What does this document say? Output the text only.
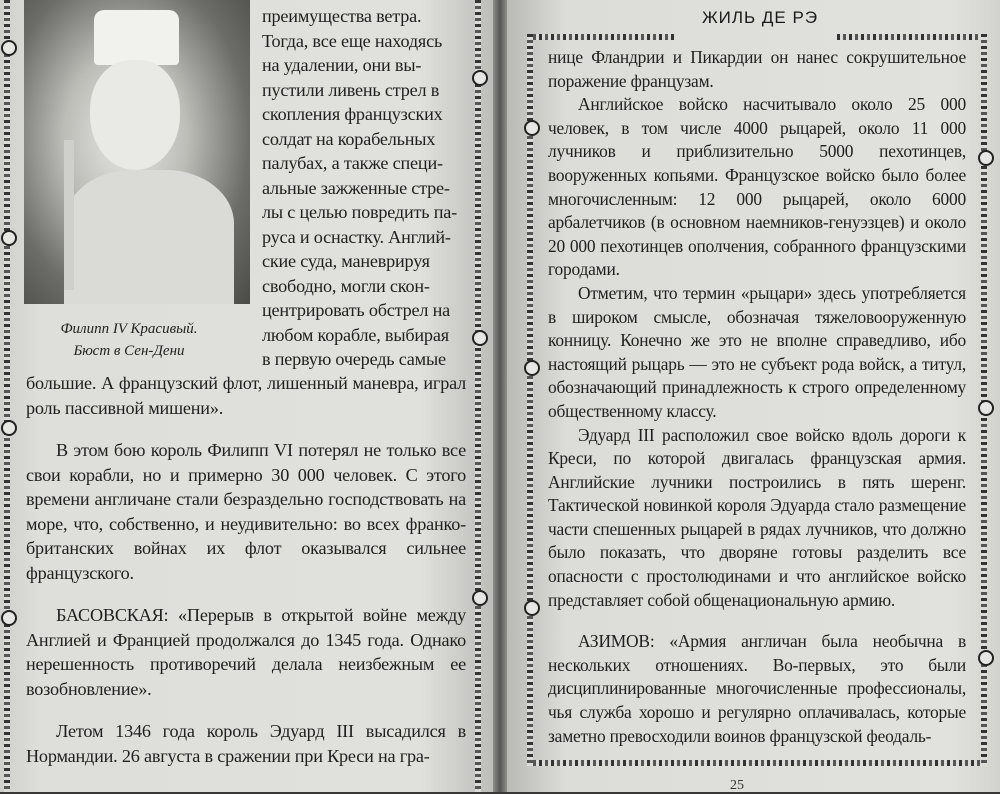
Филипп IV Красивый.
Бюст в Сен-Дени

преимущества ветра.

Тогда, все еще находясь

на удалении, они вы-

пустили ливень стрел в

скопления французских

солдат на корабельных

палубах, а также специ-

альные зажженные стре-

лы с целью повредить па-

руса и оснастку. Англий-

ские суда, маневрируя

свободно, могли скон-

центрировать обстрел на

любом корабле, выбирая

в первую очередь самые

большие. А французский флот, лишенный маневра, играл роль пассивной мишени».

В этом бою король Филипп VI потерял не только все свои корабли, но и примерно 30 000 человек. С этого времени англичане стали безраздельно господствовать на море, что, собственно, и неудивительно: во всех франко-британских войнах их флот оказывался сильнее французского.

БАСОВСКАЯ: «Перерыв в открытой войне между Англией и Францией продолжался до 1345 года. Однако нерешенность противоречий делала неизбежным ее возобновление».

Летом 1346 года король Эдуард III высадился в Нормандии. 26 августа в сражении при Креси на гра-

ЖИЛЬ ДЕ РЭ

нице Фландрии и Пикардии он нанес сокрушительное поражение французам.

Английское войско насчитывало около 25 000 человек, в том числе 4000 рыцарей, около 11 000 лучников и приблизительно 5000 пехотинцев, вооруженных копьями. Французское войско было более многочисленным: 12 000 рыцарей, около 6000 арбалетчиков (в основном наемников-генуэзцев) и около 20 000 пехотинцев ополчения, собранного французскими городами.

Отметим, что термин «рыцари» здесь употребляется в широком смысле, обозначая тяжеловооруженную конницу. Конечно же это не вполне справедливо, ибо настоящий рыцарь — это не субъект рода войск, а титул, обозначающий принадлежность к строго определенному общественному классу.

Эдуард III расположил свое войско вдоль дороги к Креси, по которой двигалась французская армия. Английские лучники построились в пять шеренг. Тактической новинкой короля Эдуарда стало размещение части спешенных рыцарей в рядах лучников, что должно было показать, что дворяне готовы разделить все опасности с простолюдинами и что английское войско представляет собой общенациональную армию.

АЗИМОВ: «Армия англичан была необычна в нескольких отношениях. Во-первых, это были дисциплинированные многочисленные профессионалы, чья служба хорошо и регулярно оплачивалась, которые заметно превосходили воинов французской феодаль-

25
